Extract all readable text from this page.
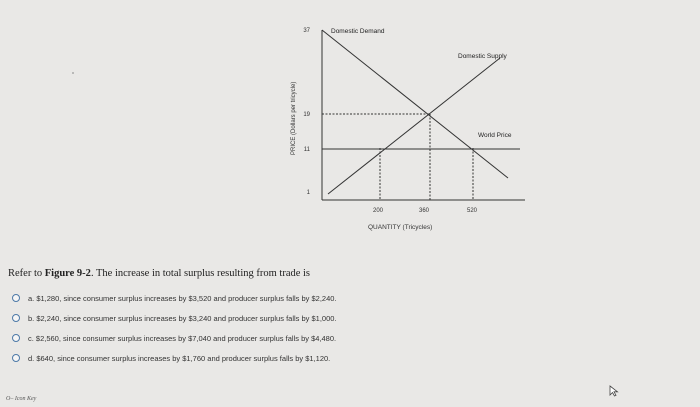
37
19
11
1
200	360	520
Domestic Demand
Domestic Supply
World Price
QUANTITY (Tricycles)
PRICE (Dollars per tricycle)
Refer to Figure 9-2. The increase in total surplus resulting from trade is
a. $1,280, since consumer surplus increases by $3,520 and producer surplus falls by $2,240.
b. $2,240, since consumer surplus increases by $3,240 and producer surplus falls by $1,000.
c. $2,560, since consumer surplus increases by $7,040 and producer surplus falls by $4,480.
d. $640, since consumer surplus increases by $1,760 and producer surplus falls by $1,120.
O– Icon Key
